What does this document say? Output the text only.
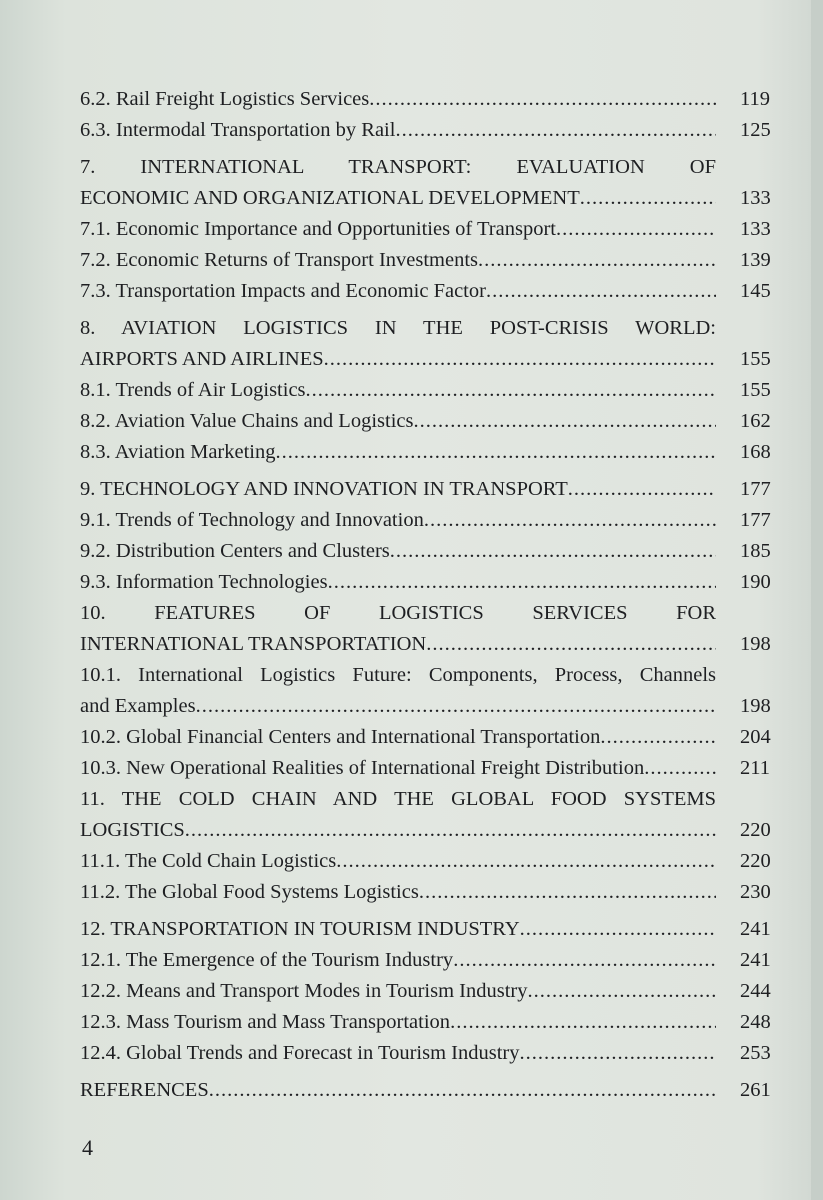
6.2. Rail Freight Logistics Services .....	119
6.3. Intermodal Transportation by Rail .....	125
7. INTERNATIONAL TRANSPORT: EVALUATION OF
ECONOMIC AND ORGANIZATIONAL DEVELOPMENT .....	133
7.1. Economic Importance and Opportunities of Transport .....	133
7.2. Economic Returns of Transport Investments .....	139
7.3. Transportation Impacts and Economic Factor .....	145
8. AVIATION LOGISTICS IN THE POST-CRISIS WORLD:
AIRPORTS AND AIRLINES .....	155
8.1. Trends of Air Logistics .....	155
8.2. Aviation Value Chains and Logistics .....	162
8.3. Aviation Marketing .....	168
9. TECHNOLOGY AND INNOVATION IN TRANSPORT .....	177
9.1. Trends of Technology and Innovation .....	177
9.2. Distribution Centers and Clusters .....	185
9.3. Information Technologies .....	190
10. FEATURES OF LOGISTICS SERVICES FOR
INTERNATIONAL TRANSPORTATION .....	198
10.1. International Logistics Future: Components, Process, Channels
and Examples .....	198
10.2. Global Financial Centers and International Transportation .....	204
10.3. New Operational Realities of International Freight Distribution .....	211
11. THE COLD CHAIN AND THE GLOBAL FOOD SYSTEMS
LOGISTICS .....	220
11.1. The Cold Chain Logistics .....	220
11.2. The Global Food Systems Logistics .....	230
12. TRANSPORTATION IN TOURISM INDUSTRY .....	241
12.1. The Emergence of the Tourism Industry .....	241
12.2. Means and Transport Modes in Tourism Industry .....	244
12.3. Mass Tourism and Mass Transportation .....	248
12.4. Global Trends and Forecast in Tourism Industry .....	253
REFERENCES .....	261
4
